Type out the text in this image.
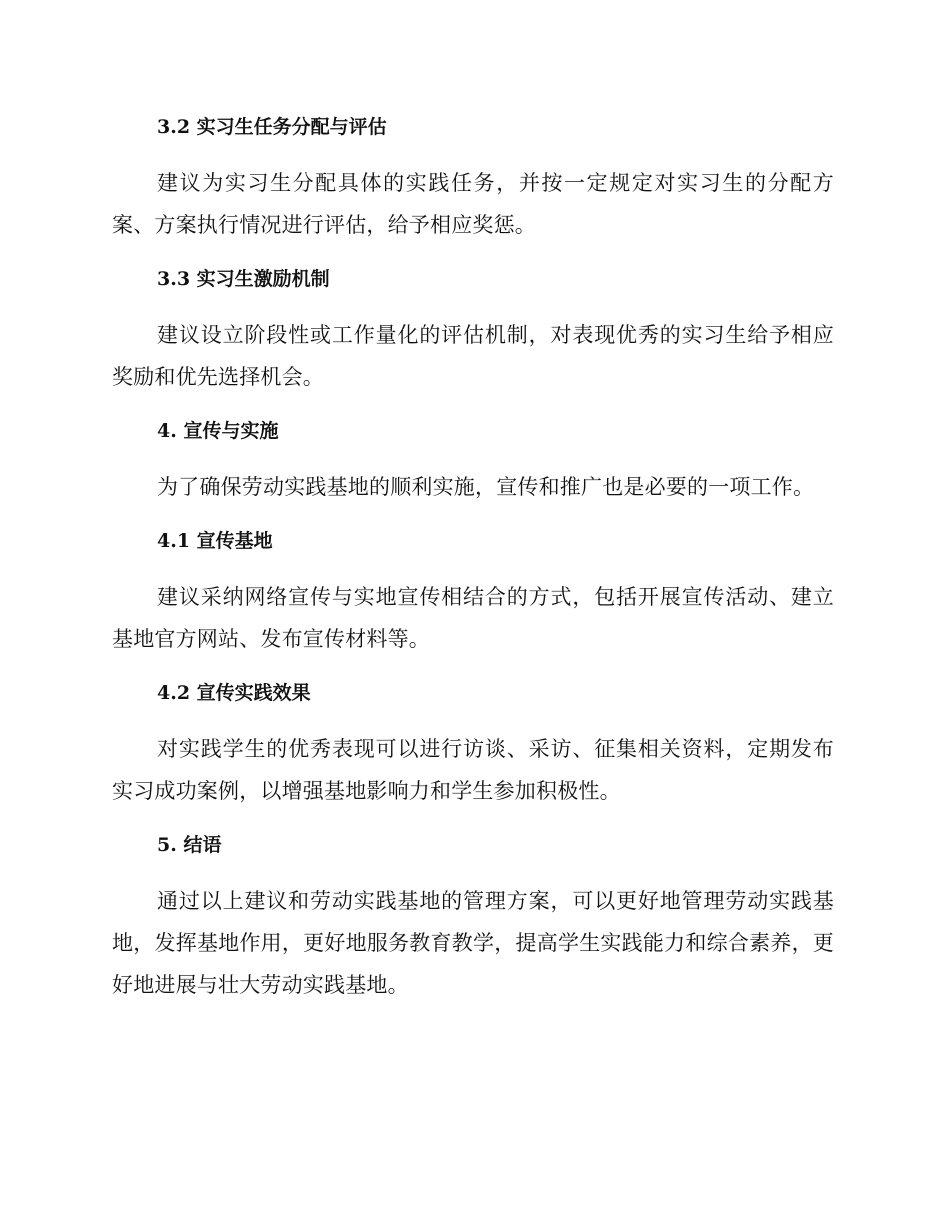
3.2 实习生任务分配与评估
建议为实习生分配具体的实践任务，并按一定规定对实习生的分配方案、方案执行情况进行评估，给予相应奖惩。
3.3 实习生激励机制
建议设立阶段性或工作量化的评估机制，对表现优秀的实习生给予相应奖励和优先选择机会。
4. 宣传与实施
为了确保劳动实践基地的顺利实施，宣传和推广也是必要的一项工作。
4.1 宣传基地
建议采纳网络宣传与实地宣传相结合的方式，包括开展宣传活动、建立基地官方网站、发布宣传材料等。
4.2 宣传实践效果
对实践学生的优秀表现可以进行访谈、采访、征集相关资料，定期发布实习成功案例，以增强基地影响力和学生参加积极性。
5. 结语
通过以上建议和劳动实践基地的管理方案，可以更好地管理劳动实践基地，发挥基地作用，更好地服务教育教学，提高学生实践能力和综合素养，更好地进展与壮大劳动实践基地。
